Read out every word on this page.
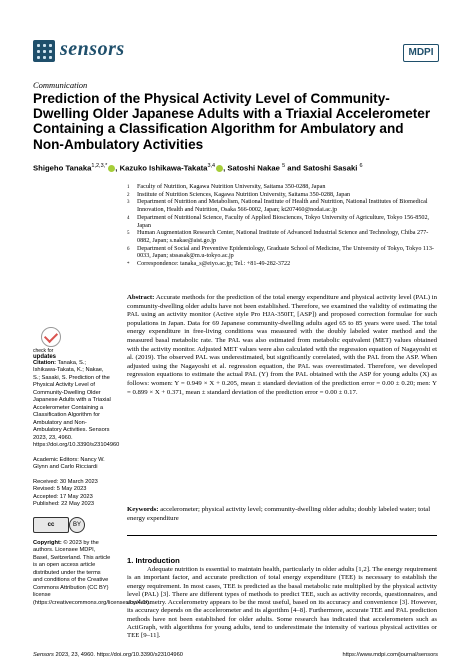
sensors	MDPI
Communication
Prediction of the Physical Activity Level of Community-Dwelling Older Japanese Adults with a Triaxial Accelerometer Containing a Classification Algorithm for Ambulatory and Non-Ambulatory Activities
Shigeho Tanaka$^{1,2,3,*}$ , Kazuko Ishikawa-Takata$^{3,4}$ , Satoshi Nakae $^5$ and Satoshi Sasaki $^6$
1	Faculty of Nutrition, Kagawa Nutrition University, Saitama 350-0288, Japan
2	Institute of Nutrition Sciences, Kagawa Nutrition University, Saitama 350-0288, Japan
3	Department of Nutrition and Metabolism, National Institute of Health and Nutrition, National Institutes of Biomedical Innovation, Health and Nutrition, Osaka 566-0002, Japan; kt207460@nodai.ac.jp
4	Department of Nutritional Science, Faculty of Applied Biosciences, Tokyo University of Agriculture, Tokyo 156-8502, Japan
5	Human Augmentation Research Center, National Institute of Advanced Industrial Science and Technology, Chiba 277-0882, Japan; s.nakae@aist.go.jp
6	Department of Social and Preventive Epidemiology, Graduate School of Medicine, The University of Tokyo, Tokyo 113-0033, Japan; stssasak@m.u-tokyo.ac.jp
*	Correspondence: tanaka_s@eiyo.ac.jp; Tel.: +81-49-282-3722
Abstract: Accurate methods for the prediction of the total energy expenditure and physical activity level (PAL) in community-dwelling older adults have not been established. Therefore, we examined the validity of estimating the PAL using an activity monitor (Active style Pro HJA-350IT, [ASP]) and proposed correction formulae for such populations in Japan. Data for 69 Japanese community-dwelling adults aged 65 to 85 years were used. The total energy expenditure in free-living conditions was measured with the doubly labeled water method and the measured basal metabolic rate. The PAL was also estimated from metabolic equivalent (MET) values obtained with the activity monitor. Adjusted MET values were also calculated with the regression equation of Nagayoshi et al. (2019). The observed PAL was underestimated, but significantly correlated, with the PAL from the ASP. When adjusted using the Nagayoshi et al. regression equation, the PAL was overestimated. Therefore, we developed regression equations to estimate the actual PAL (Y) from the PAL obtained with the ASP for young adults (X) as follows: women: Y = 0.949 × X + 0.205, mean ± standard deviation of the prediction error = 0.00 ± 0.20; men: Y = 0.899 × X + 0.371, mean ± standard deviation of the prediction error = 0.00 ± 0.17.
Keywords: accelerometer; physical activity level; community-dwelling older adults; doubly labeled water; total energy expenditure
1. Introduction
Adequate nutrition is essential to maintain health, particularly in older adults [1,2]. The energy requirement is an important factor, and accurate prediction of total energy expenditure (TEE) is necessary to establish the energy requirement. In most cases, TEE is predicted as the basal metabolic rate multiplied by the physical activity level (PAL) [3]. There are different types of methods to predict TEE, such as activity records, questionnaires, and accelerometry. Accelerometry appears to be the most useful, based on its accuracy and convenience [3]. However, its accuracy depends on the accelerometer and its algorithm [4–8]. Furthermore, accurate TEE and PAL prediction methods have not been established for older adults. Some research has indicated that accelerometers such as ActiGraph, with algorithms for young adults, tend to underestimate the intensity of various physical activities or TEE [9–11].
check for
updates
Citation: Tanaka, S.; Ishikawa-Takata, K.; Nakae, S.; Sasaki, S. Prediction of the Physical Activity Level of Community-Dwelling Older Japanese Adults with a Triaxial Accelerometer Containing a Classification Algorithm for Ambulatory and Non-Ambulatory Activities. Sensors 2023, 23, 4960. https://doi.org/10.3390/s23104960
Academic Editors: Nancy W. Glynn and Carlo Ricciardi
Received: 30 March 2023
Revised: 5 May 2023
Accepted: 17 May 2023
Published: 22 May 2023
cc	BY
Copyright: © 2023 by the authors. Licensee MDPI, Basel, Switzerland. This article is an open access article distributed under the terms and conditions of the Creative Commons Attribution (CC BY) license (https://creativecommons.org/licenses/by/4.0/).
Sensors 2023, 23, 4960. https://doi.org/10.3390/s23104960	https://www.mdpi.com/journal/sensors
